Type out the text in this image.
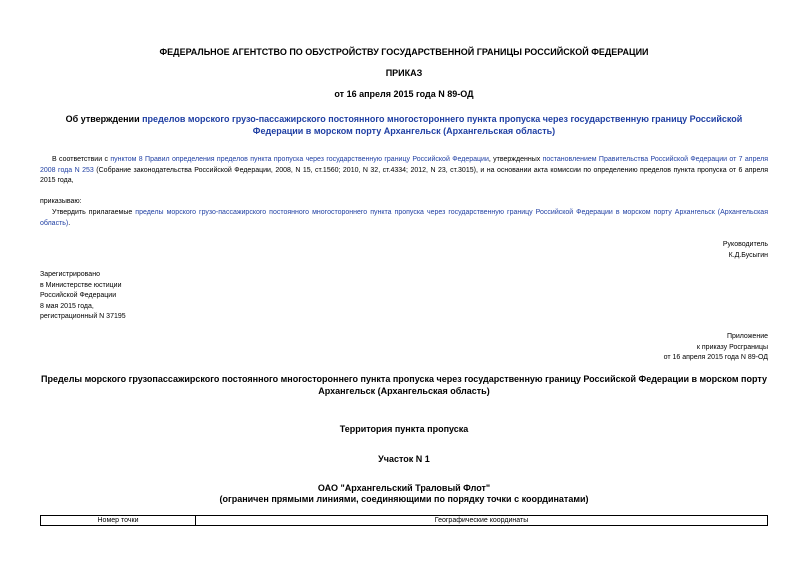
ФЕДЕРАЛЬНОЕ АГЕНТСТВО ПО ОБУСТРОЙСТВУ ГОСУДАРСТВЕННОЙ ГРАНИЦЫ РОССИЙСКОЙ ФЕДЕРАЦИИ
ПРИКАЗ
от 16 апреля 2015 года N 89-ОД
Об утверждении пределов морского грузо-пассажирского постоянного многостороннего пункта пропуска через государственную границу Российской Федерации в морском порту Архангельск (Архангельская область)
В соответствии с пунктом 8 Правил определения пределов пункта пропуска через государственную границу Российской Федерации, утвержденных постановлением Правительства Российской Федерации от 7 апреля 2008 года N 253 (Собрание законодательства Российской Федерации, 2008, N 15, ст.1560; 2010, N 32, ст.4334; 2012, N 23, ст.3015), и на основании акта комиссии по определению пределов пункта пропуска от 6 апреля 2015 года,
приказываю:
Утвердить прилагаемые пределы морского грузо-пассажирского постоянного многостороннего пункта пропуска через государственную границу Российской Федерации в морском порту Архангельск (Архангельская область).
Руководитель
К.Д.Бусыгин
Зарегистрировано
в Министерстве юстиции
Российской Федерации
8 мая 2015 года,
регистрационный N 37195
Приложение
к приказу Росграницы
от 16 апреля 2015 года N 89-ОД
Пределы морского грузопассажирского постоянного многостороннего пункта пропуска через государственную границу Российской Федерации в морском порту Архангельск (Архангельская область)
Территория пункта пропуска
Участок N 1
ОАО "Архангельский Траловый Флот"
(ограничен прямыми линиями, соединяющими по порядку точки с координатами)
Номер точки	Географические координаты
